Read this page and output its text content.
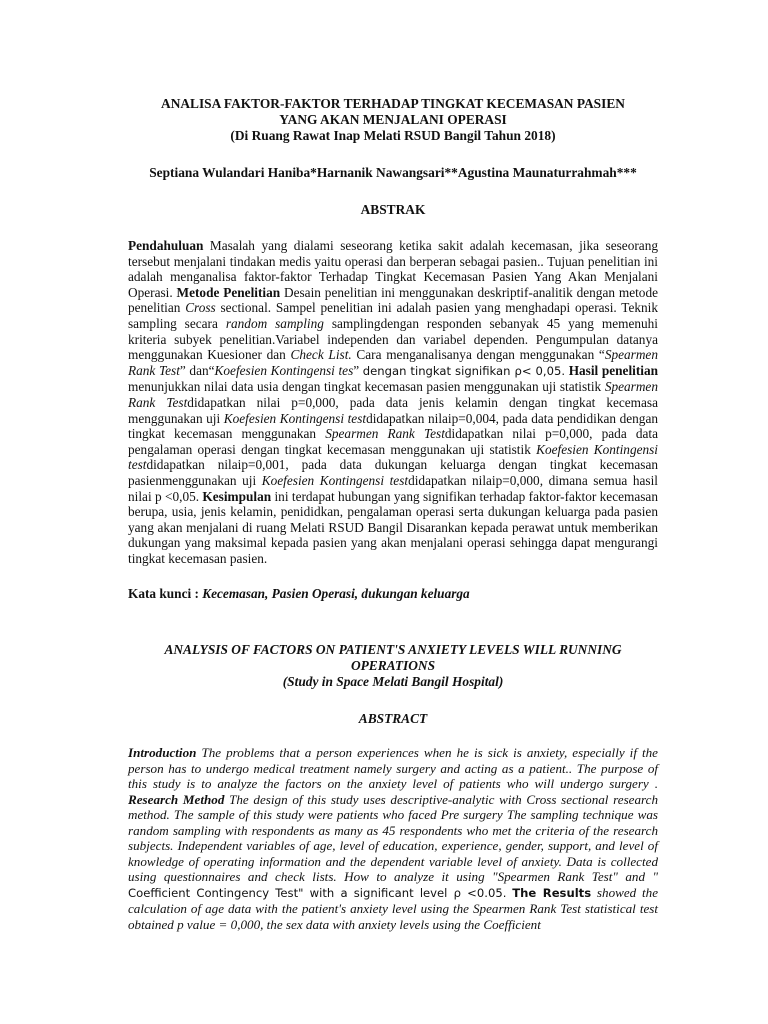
ANALISA FAKTOR-FAKTOR TERHADAP TINGKAT KECEMASAN PASIEN
YANG AKAN MENJALANI OPERASI
(Di Ruang Rawat Inap Melati RSUD Bangil Tahun 2018)

Septiana Wulandari Haniba*Harnanik Nawangsari**Agustina Maunaturrahmah***

ABSTRAK

Pendahuluan Masalah yang dialami seseorang ketika sakit adalah kecemasan, jika seseorang tersebut menjalani tindakan medis yaitu operasi dan berperan sebagai pasien.. Tujuan penelitian ini adalah menganalisa faktor-faktor Terhadap Tingkat Kecemasan Pasien Yang Akan Menjalani Operasi. Metode Penelitian Desain penelitian ini menggunakan deskriptif-analitik dengan metode penelitian Cross sectional. Sampel penelitian ini adalah pasien yang menghadapi operasi. Teknik sampling secara random sampling samplingdengan responden sebanyak 45 yang memenuhi kriteria subyek penelitian.Variabel independen dan variabel dependen. Pengumpulan datanya menggunakan Kuesioner dan Check List. Cara menganalisanya dengan menggunakan “Spearmen Rank Test” dan“Koefesien Kontingensi tes” dengan tingkat signifikan ρ< 0,05. Hasil penelitian menunjukkan nilai data usia dengan tingkat kecemasan pasien menggunakan uji statistik Spearmen Rank Testdidapatkan nilai p=0,000, pada data jenis kelamin dengan tingkat kecemasa menggunakan uji Koefesien Kontingensi testdidapatkan nilaip=0,004, pada data pendidikan dengan tingkat kecemasan menggunakan Spearmen Rank Testdidapatkan nilai p=0,000, pada data pengalaman operasi dengan tingkat kecemasan menggunakan uji statistik Koefesien Kontingensi testdidapatkan nilaip=0,001, pada data dukungan keluarga dengan tingkat kecemasan pasienmenggunakan uji Koefesien Kontingensi testdidapatkan nilaip=0,000, dimana semua hasil nilai p <0,05. Kesimpulan ini terdapat hubungan yang signifikan terhadap faktor-faktor kecemasan berupa, usia, jenis kelamin, penididkan, pengalaman operasi serta dukungan keluarga pada pasien yang akan menjalani di ruang Melati RSUD Bangil Disarankan kepada perawat untuk memberikan dukungan yang maksimal kepada pasien yang akan menjalani operasi sehingga dapat mengurangi tingkat kecemasan pasien.

Kata kunci : Kecemasan, Pasien Operasi, dukungan keluarga

ANALYSIS OF FACTORS ON PATIENT'S ANXIETY LEVELS WILL RUNNING
OPERATIONS
(Study in Space Melati Bangil Hospital)

ABSTRACT

Introduction The problems that a person experiences when he is sick is anxiety, especially if the person has to undergo medical treatment namely surgery and acting as a patient.. The purpose of this study is to analyze the factors on the anxiety level of patients who will undergo surgery . Research Method The design of this study uses descriptive-analytic with Cross sectional research method. The sample of this study were patients who faced Pre surgery The sampling technique was random sampling with respondents as many as 45 respondents who met the criteria of the research subjects. Independent variables of age, level of education, experience, gender, support, and level of knowledge of operating information and the dependent variable level of anxiety. Data is collected using questionnaires and check lists. How to analyze it using "Spearmen Rank Test" and " Coefficient Contingency Test" with a significant level ρ <0.05. The Results showed the calculation of age data with the patient's anxiety level using the Spearmen Rank Test statistical test obtained p value = 0,000, the sex data with anxiety levels using the Coefficient
